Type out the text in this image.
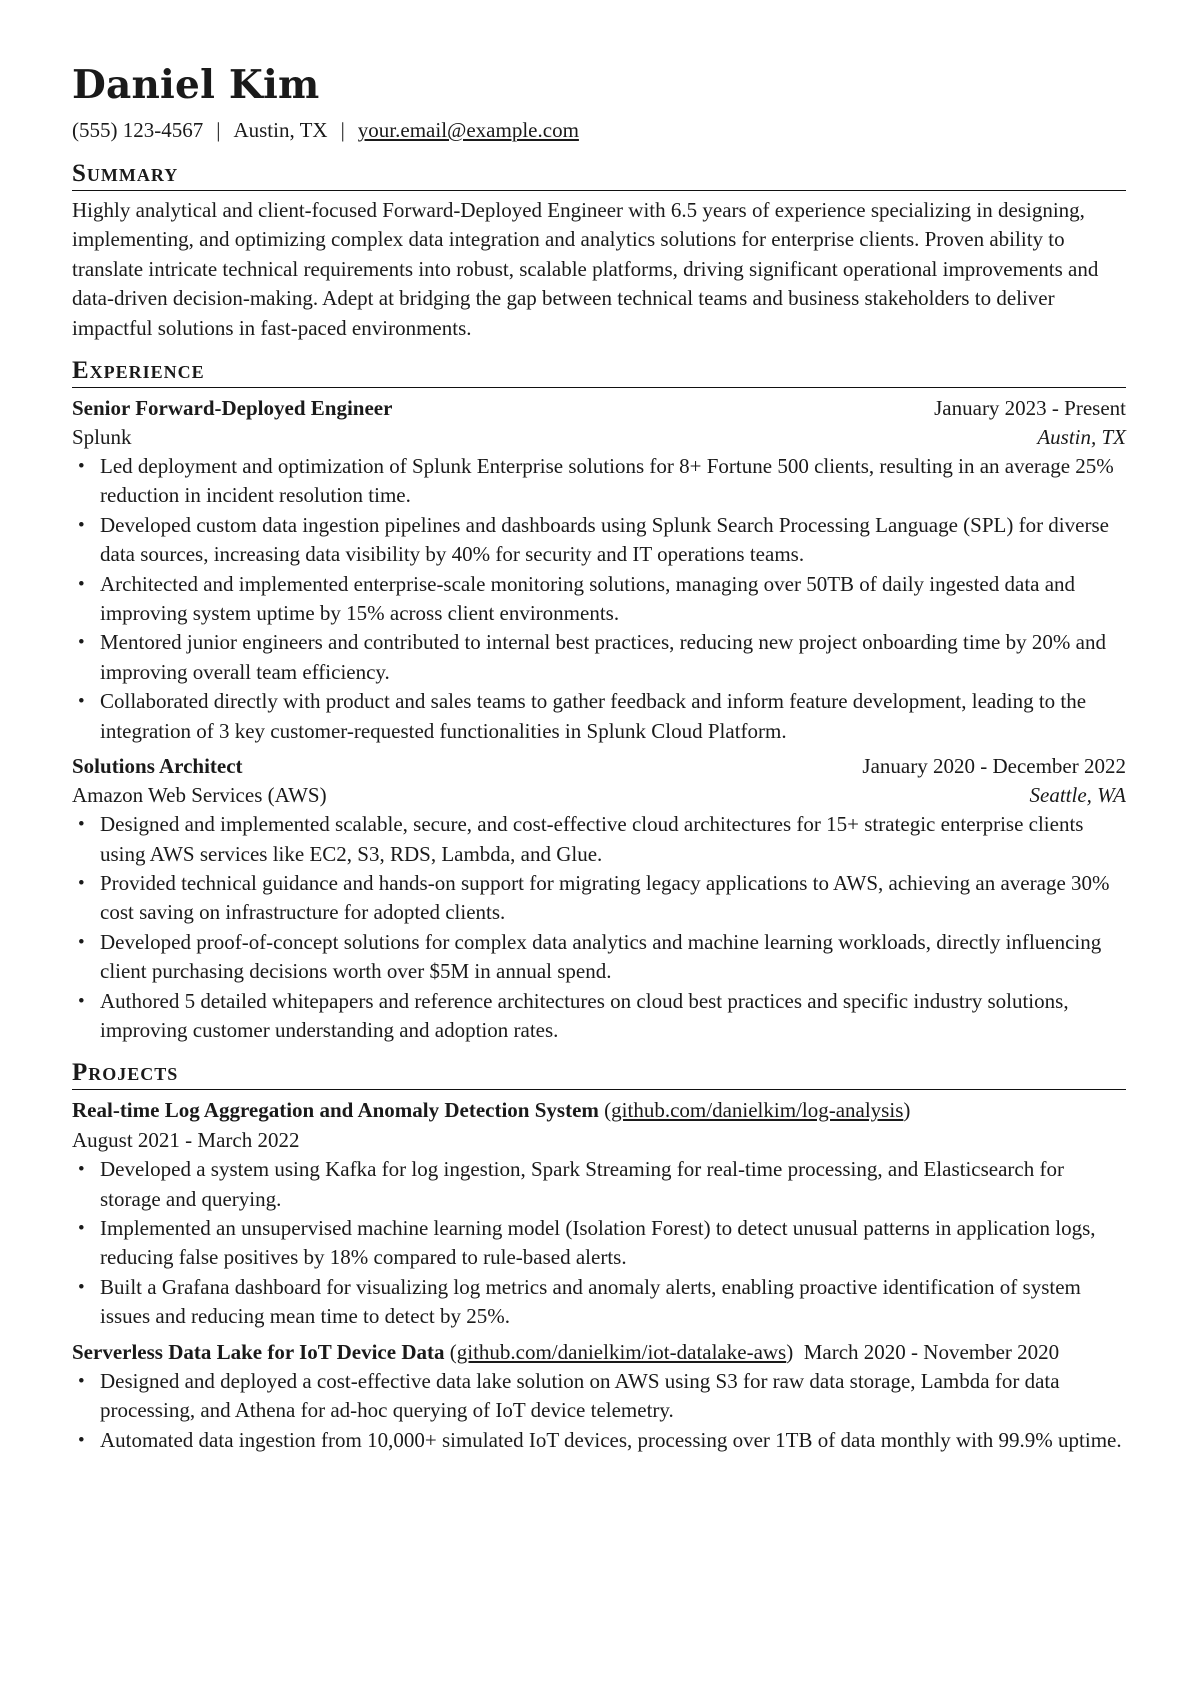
Daniel Kim
(555) 123-4567 | Austin, TX | your.email@example.com
Summary

Highly analytical and client-focused Forward-Deployed Engineer with 6.5 years of experience specializing in designing, implementing, and optimizing complex data integration and analytics solutions for enterprise clients. Proven ability to translate intricate technical requirements into robust, scalable platforms, driving significant operational improvements and data-driven decision-making. Adept at bridging the gap between technical teams and business stakeholders to deliver impactful solutions in fast-paced environments.

Experience
Senior Forward-Deployed Engineer	January 2023 - Present
Splunk	Austin, TX
• Led deployment and optimization of Splunk Enterprise solutions for 8+ Fortune 500 clients, resulting in an average 25% reduction in incident resolution time.
• Developed custom data ingestion pipelines and dashboards using Splunk Search Processing Language (SPL) for diverse data sources, increasing data visibility by 40% for security and IT operations teams.
• Architected and implemented enterprise-scale monitoring solutions, managing over 50TB of daily ingested data and improving system uptime by 15% across client environments.
• Mentored junior engineers and contributed to internal best practices, reducing new project onboarding time by 20% and improving overall team efficiency.
• Collaborated directly with product and sales teams to gather feedback and inform feature development, leading to the integration of 3 key customer-requested functionalities in Splunk Cloud Platform.
Solutions Architect	January 2020 - December 2022
Amazon Web Services (AWS)	Seattle, WA
• Designed and implemented scalable, secure, and cost-effective cloud architectures for 15+ strategic enterprise clients using AWS services like EC2, S3, RDS, Lambda, and Glue.
• Provided technical guidance and hands-on support for migrating legacy applications to AWS, achieving an average 30% cost saving on infrastructure for adopted clients.
• Developed proof-of-concept solutions for complex data analytics and machine learning workloads, directly influencing client purchasing decisions worth over $5M in annual spend.
• Authored 5 detailed whitepapers and reference architectures on cloud best practices and specific industry solutions, improving customer understanding and adoption rates.
Projects
Real-time Log Aggregation and Anomaly Detection System (github.com/danielkim/log-analysis)
August 2021 - March 2022
• Developed a system using Kafka for log ingestion, Spark Streaming for real-time processing, and Elasticsearch for storage and querying.
• Implemented an unsupervised machine learning model (Isolation Forest) to detect unusual patterns in application logs, reducing false positives by 18% compared to rule-based alerts.
• Built a Grafana dashboard for visualizing log metrics and anomaly alerts, enabling proactive identification of system issues and reducing mean time to detect by 25%.
Serverless Data Lake for IoT Device Data (github.com/danielkim/iot-datalake-aws)  March 2020 - November 2020
• Designed and deployed a cost-effective data lake solution on AWS using S3 for raw data storage, Lambda for data processing, and Athena for ad-hoc querying of IoT device telemetry.
• Automated data ingestion from 10,000+ simulated IoT devices, processing over 1TB of data monthly with 99.9% uptime.
